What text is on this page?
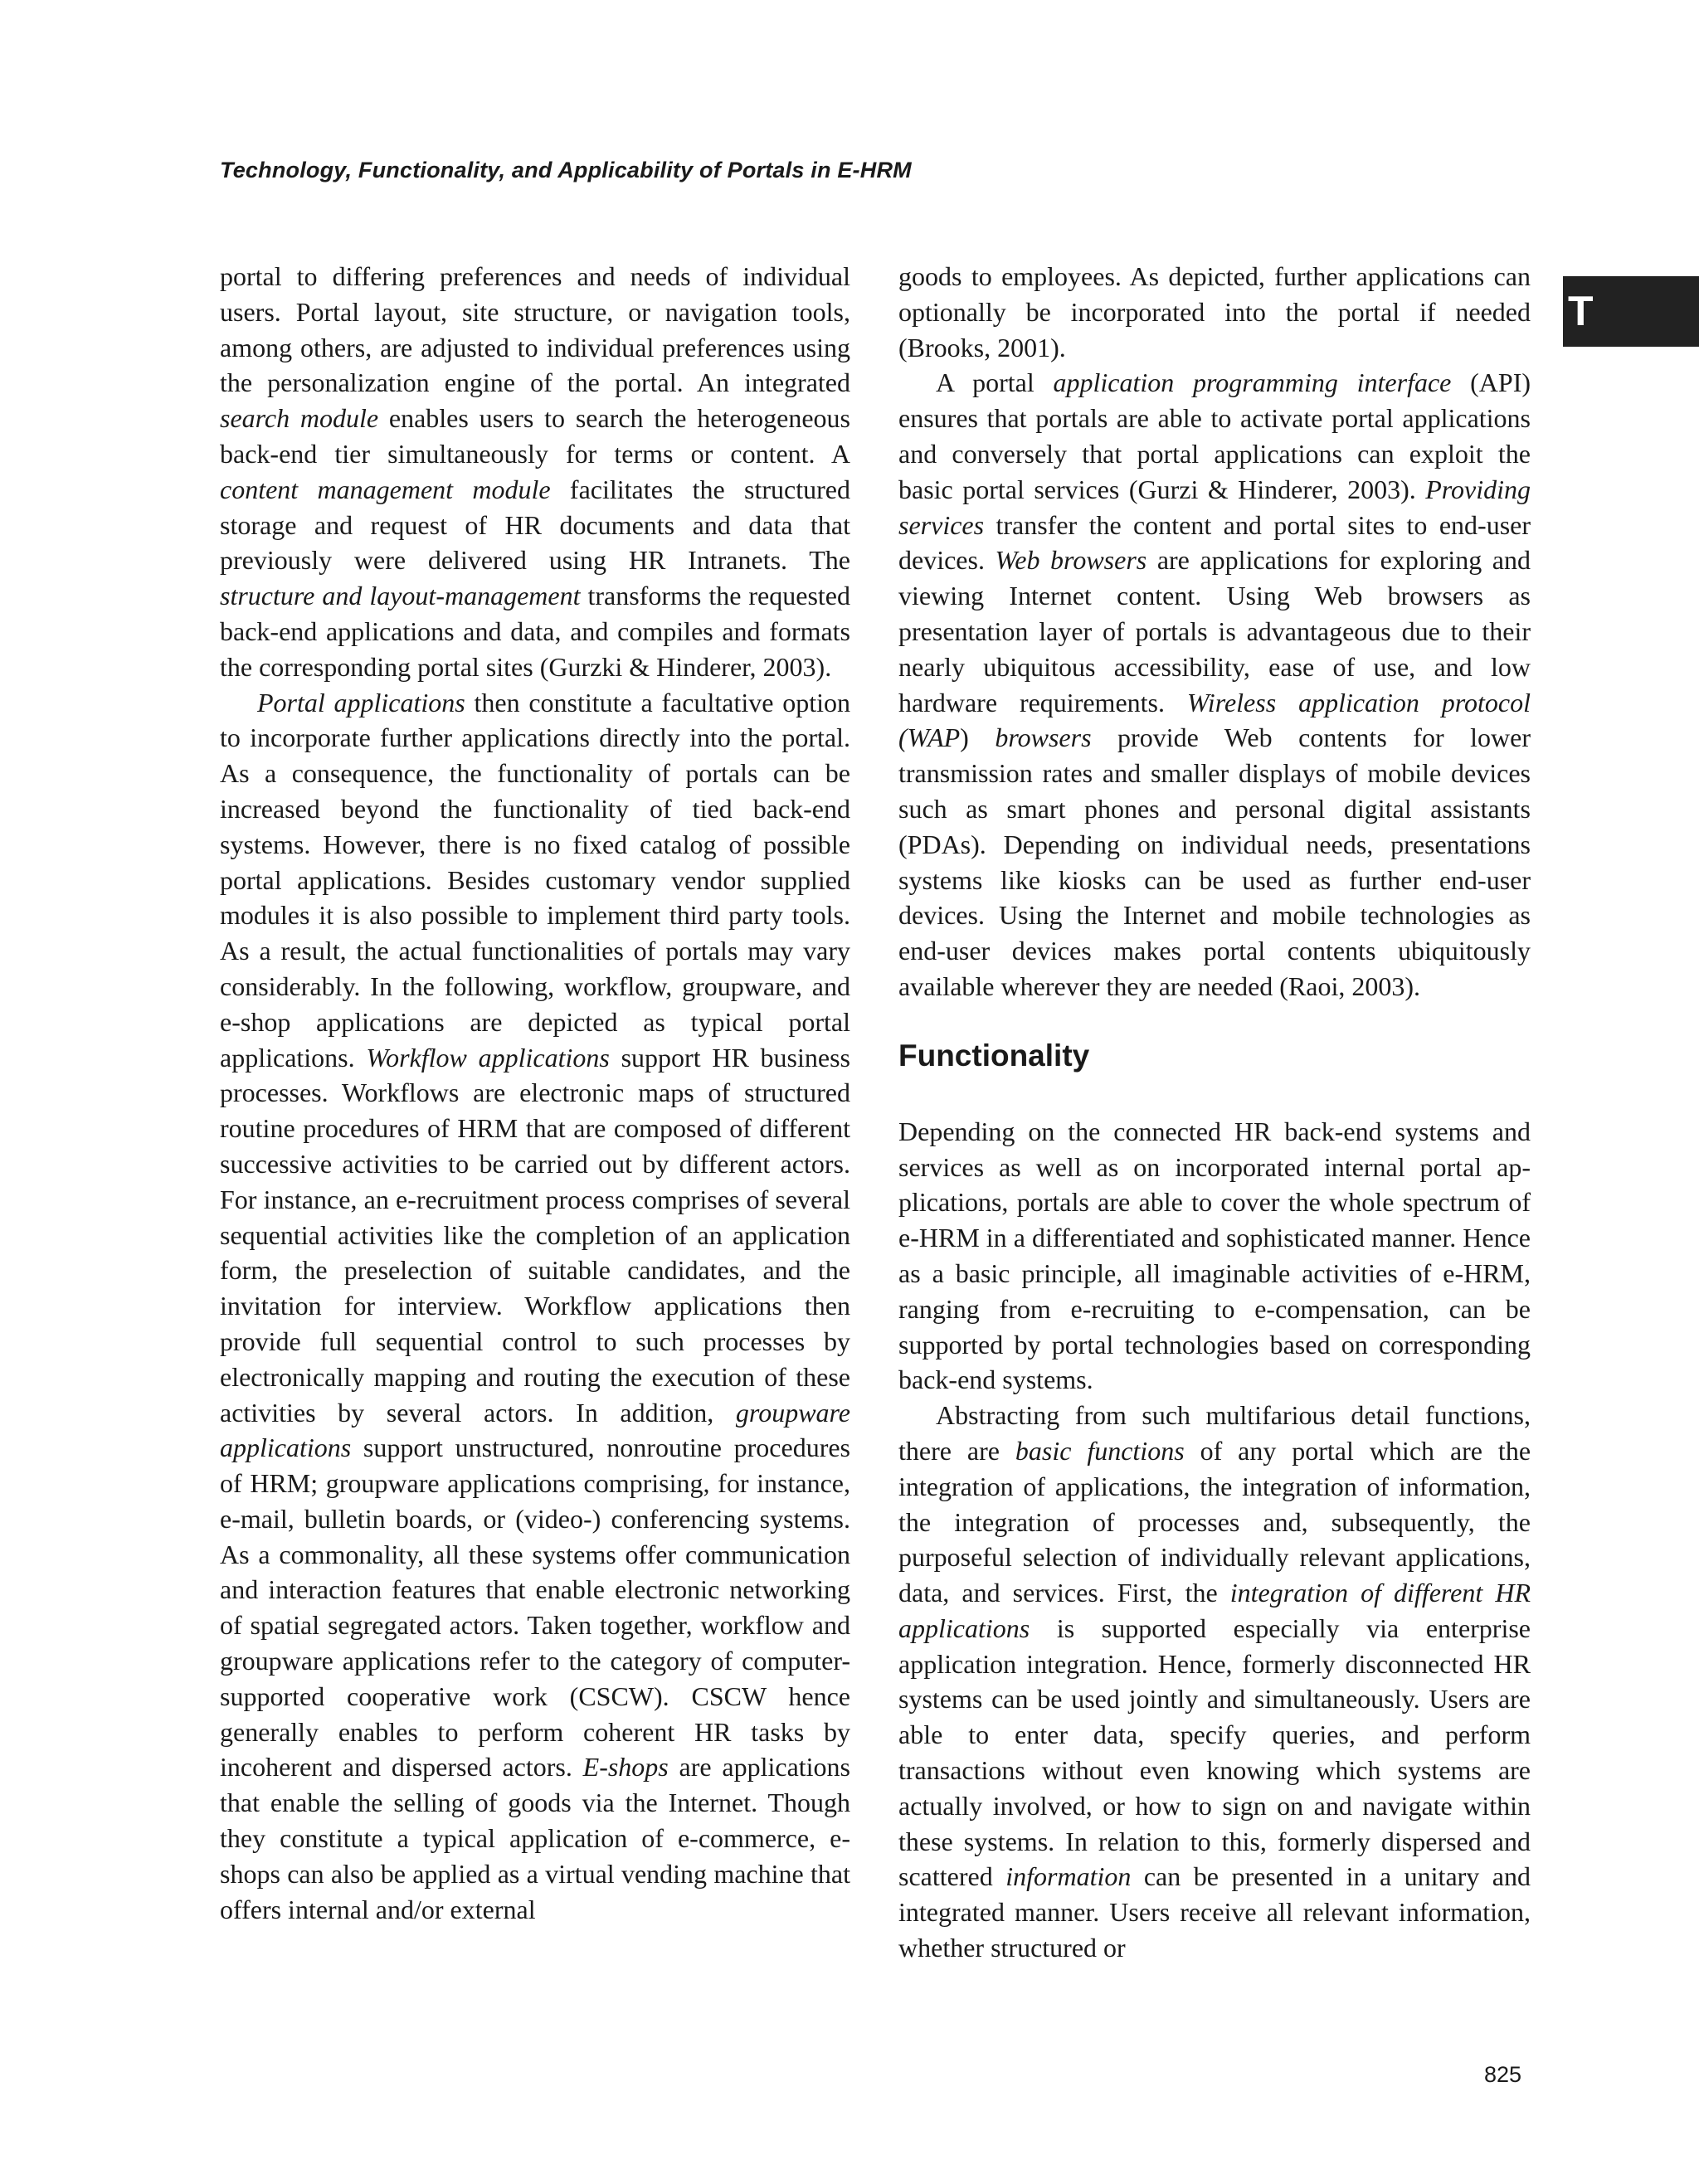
Technology, Functionality, and Applicability of Portals in E-HRM
T

portal to differing preferences and needs of individual users. Portal layout, site structure, or navigation tools, among others, are adjusted to individual preferences using the personalization engine of the portal. An integrated search module enables users to search the heterogeneous back-end tier simultaneously for terms or content. A content management module facilitates the structured storage and request of HR documents and data that previously were delivered using HR Intranets. The structure and layout-management transforms the requested back-end applications and data, and compiles and formats the corresponding portal sites (Gurzki & Hinderer, 2003).

Portal applications then constitute a facultative option to incorporate further applications directly into the portal. As a consequence, the functionality of portals can be increased beyond the functionality of tied back-end systems. However, there is no fixed catalog of possible portal applications. Besides customary vendor supplied modules it is also possible to implement third party tools. As a result, the actual functionalities of portals may vary considerably. In the following, workflow, groupware, and e-shop applications are depicted as typical portal applications. Workflow applications support HR business processes. Workflows are electronic maps of structured routine procedures of HRM that are composed of different successive activities to be carried out by different actors. For instance, an e-recruitment process comprises of several sequential activities like the completion of an application form, the preselection of suitable candidates, and the invitation for interview. Workflow applications then provide full sequential control to such processes by electronically mapping and routing the execution of these activities by several actors. In addition, groupware applications support unstructured, nonroutine procedures of HRM; groupware applications comprising, for instance, e-mail, bulletin boards, or (video-) conferencing systems. As a commonality, all these systems offer communication and interaction features that enable electronic networking of spatial segregated actors. Taken together, workflow and groupware applications refer to the category of computer-supported cooperative work (CSCW). CSCW hence generally enables to perform coherent HR tasks by incoherent and dispersed actors. E-shops are applications that enable the selling of goods via the Internet. Though they constitute a typical application of e-commerce, e-shops can also be applied as a virtual vending machine that offers internal and/or external

goods to employees. As depicted, further applications can optionally be incorporated into the portal if needed (Brooks, 2001).

A portal application programming interface (API) ensures that portals are able to activate portal applications and conversely that portal applications can exploit the basic portal services (Gurzi & Hinderer, 2003). Providing services transfer the content and portal sites to end-user devices. Web browsers are applications for exploring and viewing Internet content. Using Web browsers as presentation layer of portals is advantageous due to their nearly ubiquitous accessibility, ease of use, and low hardware requirements. Wireless application protocol (WAP) browsers provide Web contents for lower transmission rates and smaller displays of mobile devices such as smart phones and personal digital assistants (PDAs). Depending on individual needs, presentations systems like kiosks can be used as further end-user devices. Using the Internet and mobile technologies as end-user devices makes portal contents ubiquitously available wherever they are needed (Raoi, 2003).

Functionality

Depending on the connected HR back-end systems and services as well as on incorporated internal portal applications, portals are able to cover the whole spectrum of e-HRM in a differentiated and sophisticated manner. Hence as a basic principle, all imaginable activities of e-HRM, ranging from e-recruiting to e-compensation, can be supported by portal technologies based on corresponding back-end systems.

Abstracting from such multifarious detail functions, there are basic functions of any portal which are the integration of applications, the integration of information, the integration of processes and, subsequently, the purposeful selection of individually relevant applications, data, and services. First, the integration of different HR applications is supported especially via enterprise application integration. Hence, formerly disconnected HR systems can be used jointly and simultaneously. Users are able to enter data, specify queries, and perform transactions without even knowing which systems are actually involved, or how to sign on and navigate within these systems. In relation to this, formerly dispersed and scattered information can be presented in a unitary and integrated manner. Users receive all relevant information, whether structured or

825
